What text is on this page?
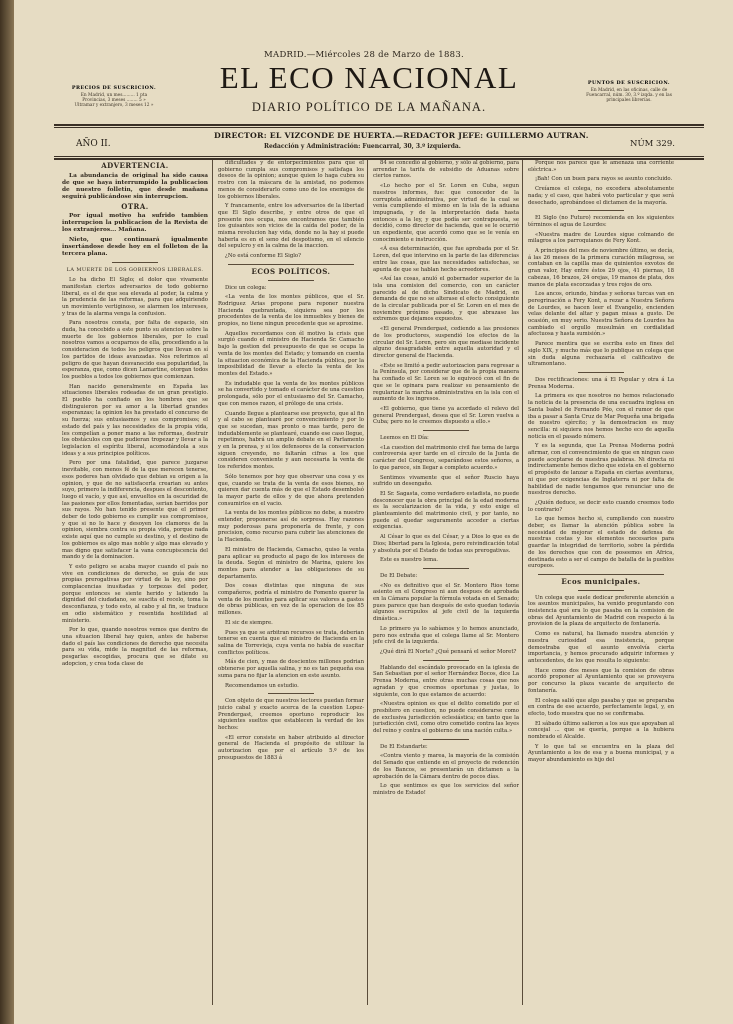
PRECIOS DE SUSCRICION.
En Madrid, un mes......... 1 pta
Provincias, 3 meses ........ 5 »
Ultramar y extranjero, 3 meses 12 »
MADRID.—Miércoles 28 de Marzo de 1883.
EL ECO NACIONAL
DIARIO POLÍTICO DE LA MAÑANA.
PUNTOS DE SUSCRICION.
En Madrid, en las oficinas, calle de
Fuencarral, núm. 30, 3.º izqda. y en las
principales librerías.
AÑO II.
DIRECTOR: EL VIZCONDE DE HUERTA.—REDACTOR JEFE: GUILLERMO AUTRAN.
Redacción y Administración: Fuencarral, 30, 3.º izquierda.	NÚM 329.

ADVERTENCIA.

La abundancia de original ha sido causa de que se haya interrumpido la publicacion de nuestro folletin, que desde mañana seguirá publicándose sin interrupcion.

OTRA.

Por igual motivo ha sufrido tambien interrupcion la publicacion de la Revista de los extranjeros... Mañana.

Nieto, que continuará igualmente insertándose desde hoy en el folleton de la tercera plana.

LA MUERTE DE LOS GOBIERNOS LIBERALES.

Lo ha dicho El Siglo; el dolor que vivamente manifestan ciertos adversarios de todo gobierno liberal, es el de que sea elevada al poder, la calma y la prudencia de las reformas, para que adquiriendo un movimiento vertiginoso, se alarmen los intereses, y tras de la alarma venga la confusion.

Para nosotros consta, por falta de espacio, sin duda, ha concebido a este punto su atencion sobre la muerte de los gobiernos liberales, por lo cual nosotros vamos a ocuparnos de ella, procediendo a la consideracion de todos los peligros que llevan en sí los partidos de ideas avanzadas. Nos referimos al peligro de que hayan desvanecido esa popularidad, la esperanza, que, como dicen Lamartine, otorgan todos los pueblos a todos los gobiernos que comienzan.

Han nacido generalmente en España las situaciones liberales rodeadas de un gran prestigio. El pueblo ha confiado en los hombres que se distinguieron por su amor a la libertad grandes esperanzas; la opinion les ha prestado el concurso de su fuerza; sus entusiasmos y sus compromisos; el estado del país y las necesidades de la propia vida, les compelían a poner mano a las reformas, destruir los obstáculos con que pudieran tropezar y llevar a la legislacion el espíritu liberal, acomodándola a sus ideas y a sus principios políticos.

Pero por una fatalidad, que parece juzgarse inevitable, con menos fé de la que merecen tenerse, esos poderes han olvidado que debian su origen a la opinion, y que de no satisfacerla crearian su antes suyo, primero la indiferencia, despues el descontento, luego el vacío, y que así, envueltos en la oscuridad de las pasiones por ellos fomentadas, serian barridos por sus rayos. No han tenido presente que el primer deber de todo gobierno es cumplir sus compromisos, y que si no lo hace y desoyen los clamores de la opinion, siembra contra su propia vida, porque nada existe aquí que no cumple su destino, y el destino de los gobiernos es algo mas noble y algo mas elevado y mas digno que satisfacer la vana concupiscencia del mando y de la dominacion.

Y esto peligro se acaba mayor cuando el país no vive en condiciones de derecho, se guía de sus propias prerogativas por virtud de la ley, sino por complacencias inusitadas y torpezas del poder, porque entonces se siente herido y latiendo la dignidad del ciudadano, se suscita el recelo, toma la desconfianza, y todo esto, al cabo y al fin, se traduce en odio sistemático y resentida hostilidad al ministerio.

Por lo que, quando nosotros vemos que dentro de una situacion liberal hay quien, antes de haberse dado el país las condiciones de derecho que necesita para su vida, mide la magnitud de las reformas, pesgarlas escogidas, procura que se dilate su adopcion, y crea toda clase de

dificultades y de entorpecimientos para que el gobierno cumpla sus compromisos y satisfaga los deseos de la opinion; aunque quien lo haga cubra su rostro con la máscara de la amistad, no podemos menos de considerarlo como uno de los enemigos de los gobiernos liberales.

Y francamente, entre los adversarios de la libertad que El Siglo describe, y entre otros de que el presente nos ocupa, nos encontramos que también los guisantes son vicios de la caída del poder, de la misma revolucion hay vida, donde no la hay si puede haberla es en el seno del despotismo, en el silencio del sepulcro y en la calma de la inaccion.

¿No está conforme El Siglo?

ECOS POLÍTICOS.

Dice un colega:

«La venta de los montes públicos, que el Sr. Rodriguez Arias propone para reponer nuestra Hacienda quebrantada, siquiera sea por los procedentes de la venta de los inmuebles y bienes de propios, no tiene ningun precedente que se aproxime.

Aquellos recordamos con él motivo la crisis que surgió cuando el ministro de Hacienda Sr. Camacho bajo la gestion del presupuesto de que se ocupa la venta de los montes del Estado; y tomando en cuenta la situacion económica de la Hacienda pública, por la imposibilidad de llevar a efecto la venta de los montes del Estado.»

Es indudable que la venta de los montes públicos se ha convertido y tomado el carácter de una cuestion prolongada, sólo por el entusiasmo del Sr. Camacho, que con menos razon, el prólogo de una crisis.

Cuando llegue a plantearse ese proyecto, que al fin y al cabo se plantearé por convencimiento y por lo que se sucedan, mas pronto o mas tarde, pero de indudablemente se plantearé, cuando ese caso llegue, repetimos, habrá un amplio debate en el Parlamento y en la prensa, y si los defensores de la conservacion siguen creyendo, no faltarán cifras a los que consideren conveniente y aun necesaria la venta de los referidos montes.

Sólo tenemos por hoy que observar una cosa y es que, cuando se trata de la venta de esos bienes, no quieren dar cuenta más de que el Estado desembolsó la mayor parte de ellos y de que ahora pretenden consumirlos en el vacio.

La venta de los montes públicos no debe, a nuestro entender, proponerse así de sorpresa. Hay razones muy poderosas para proponerla de frente, y con precision, como recurso para cubrir las atenciones de la Hacienda.

El ministro de Hacienda, Camacho, quiso la venta para aplicar su producto al pago de los intereses de la deuda. Según el ministro de Marina, quiere los montes para atender a las obligaciones de su departamento.

Dos cosas distintas que ninguna de sus compañeros, podría el ministro de Fomento querer la venta de los montes para aplicar sus valores a gastos de obras públicas, en vez de la operacion de los 85 millones.

El sic de siempre.

Pues ya que se arbitran recursos se trata, deberian tenerse en cuenta que el ministro de Hacienda en la salina de Torrevieja, cuya venta no había de suscitar conflictos políticos.

Más de cien, y mas de doscientos millones podrian obtenerse por aquella salina, y no es tan pequeña esa suma para no fijar la atencion en este asunto.

Recomendamos un estudio.

Con objeto de que nuestros lectores puedan formar juicio cabal y exacto acerca de la cuestion Lopez-Prendergast, creemos oportuno reproducir los siguientes sueltos que establecen la verdad de los hechos:

«El error consiste en haber atribuido al director general de Hacienda el propósito de utilizar la autorizacion que por el artículo 5.º de los presupuestos de 1883 á

84 se concedió al gobierno, y sólo al gobierno, para arrendar la tarifa de subsidio de Aduanas sobre ciertos ramos.

«Lo hecho por el Sr. Loren en Cuba, segun nuestros informes, fue: que conocedor de la corruptela administrativa, por virtud de la cual se venía cumpliendo el mismo en la isla de la aduana impugnada, y de la interpretación dada hasta entonces a la ley, y que podía ser contrapuesta, se decidió, como director de hacienda, que se le ocurrió un expediente, que acordó como que se le venía en conocimiento e instrucción.

«Á esa determinación, que fue aprobada por el Sr. Loren, del que intervino en la parte de las diferencias entre las cosas, que las necesidades satisfechas, se apunta de que se hablan hecho acreedores.

«Así las cosas, anuló el gobernador superior de la isla una comision del comercio, con un carácter parecido al de dicho Sindicato de Madrid, en demanda de que no se alterase el efecto consiguiente de la circular publicada por el Sr. Loren en el mes de noviembre próximo pasado, y que abrazase las extremos que dejamos expuestos.

«El general Prendergast, cediendo a las presiones de los productores, suspendió los efectos de la circular del Sr. Loren, pero sin que mediase incidente alguno desagradable entre aquella autoridad y el director general de Hacienda.

«Este se limitó a pedir autorizacion para regresar a la Península, por considerar que de la propia manera ha confiado el Sr. Loren se lo equivocó con el fin de que se le opinara para realizar su pensamiento de regularizar la marcha administrativa en la isla con el aumento de los ingresos.

«El gobierno, que tiene ya acordado el relevo del general Prendergast, desea que el Sr. Loren vuelva a Cuba; pero no le creemos dispuesto a ello.»

Leemos en El Día:

«La cuestion del matrimonio civil fue tema de larga controversia ayer tarde en el círculo de la Junta de carácter del Congreso, separándose estos señores, a lo que parece, sin llegar a completo acuerdo.»

Sentimos vivamente que el señor Ruscio haya sufrido un desengaño.

El Sr. Sagasta, como verdadero estadista, no puede desconocer que la obra principal de la edad moderna es la secularizacion de la vida, y esto exige el planteamiento del matrimonio civil, y por tanto, no puede el quedar seguramente acceder a ciertas exigencias.

Al César lo que es del César, y a Dios lo que es de Dios; libertad para la Iglesia, pero reivindicación total y absoluta por el Estado de todas sus prerogativas.

Este es nuestro lema.

De El Debate:

«No es definitivo que el Sr. Montero Rios tome asiento en el Congreso ni aun despues de aprobada en la Cámara popular la fórmula votada en el Senado; pues parece que han después de esto quedan todavía algunos escrúpulos al jefe civil de la izquierda dinástica.»

Lo primero ya lo sabíamos y lo hemos anunciado, pero nos extraña que el colega llame al Sr. Montero jefe civil de la izquierda.

¿Qué dirá El Norte? ¿Qué pensará el señor Moret?

Hablando del escándalo provocado en la iglesia de San Sebastian por el señor Hernández Bocos, dice La Prensa Moderna, entre otras muchas cosas que nos agradan y que creemos oportunas y justas, lo siguiente, con lo que estamos de acuerdo:

«Nuestra opinion es que el delito cometido por el presbítero en cuestion, no puede considerarse como de exclusiva jurisdicción eclesiástica; en tanto que la jurisdicción civil, como otro cometido contra las leyes del reino y contra el gobierno de una nación culta.»

De El Estandarte:

«Contra viento y marea, la mayoría de la comisión del Senado que entiende en el proyecto de redención de los Bancos, se presentarán un dictamen a la aprobación de la Cámara dentro de pocos días.

Lo que sentimos es que los servicios del señor ministro de Estado!

Porque nos parece que le amenaza una corriente eléctrica.»

¡Bah! Con un buen para rayos se asunto concluido.

Creíamos el colega, no excedera absolutamente nada; y el caso, que habrá voto particular y que será desechado, aprobándose el dictamen de la mayoría.

El Siglo (no Futuro) recomienda en los siguientes términos el agua de Lourdes:

«Nuestra madre de Lourdes sigue colmando de milagros a los parroquianos de Fery Kont.

A principios del mes de noviembre último, se decía, á las 26 meses de la primera curación milagrosa, se contaban en la capilla mas de quinientos exvotos de gran valor, Hay entre éstos 29 ojos, 41 piernas, 18 cabezas, 16 brazos, 24 orejas, 19 manos de plata, dos manos de plata escorzadas y tres rojos de oro.

Los ancos, oriundo, hindas y señoras turcas van en peregrinación a Fery Kont, a rezar a Nuestra Señora de Lourdes, se hacen leer el Evangelio, encienden velas delante del altar y pagan misas a gusto. De ocasión, en muy serio. Nuestra Señora de Lourdes ha cambiado el orgullo musulmán en cordialidad afectuosa y hasta sumisión.»

Parece mentira que se escriba esto en fines del siglo XIX, y mucho más que lo publique un colega que sin duda alguna rechazaría el calificativo de ultramontano.

Dos rectificaciones: una á El Popular y otra á La Prensa Moderna.

La primera es que nosotros no hemos relacionado la noticia de la presencia de una escuadra inglesa en Santa Isabel de Fernando Póo, con el rumor de que iba a pasar a Santa Cruz de Mar Pequeña una brigada de nuestro ejército; y la demostracion es muy sencilla: ni siquiera nos hemos hecho eco de aquella noticia en el pasado número.

Y es la segunda, que La Prensa Moderna podrá afirmar, con el convencimiento de que en ningun caso puede aceptarse de nuestras palabras. Ni directa ni indirectamente hemos dicho que exista en el gobierno el propósito de lanzar a España en ciertas aventuras, ni que por exigencias de Inglaterra ni por falta de habilidad de nadie tengamos que renunciar uno de nuestros derecho.

¿Quién deduce, se decir esto cuando creemos todo lo contrario?

Lo que hemos hecho si, cumpliendo con nuestro deber, es llamar la atención pública sobre la necesidad de mejorar el estado de defensa de nuestras costas y los elementos necesarios para guardar la integridad de territorio, sobre la pérdida de los derechos que con de poseemos en Africa, destinada esto a ser el campo de batalla de la pueblos europeos.

Ecos municipales.

Un colega que suele dedicar preferente atención a los asuntos municipales, ha venido preguntando con insistencia qué era lo que pasaba en la comision de obras del Ayuntamiento de Madrid con respecto á la provision de la plaza de arquitecto de fontanería.

Como es natural, ha llamado nuestra atención y nuestra curiosidad esa insistencia, porque demostraba que el asunto envolvía cierta importancia, y hemos procurado adquirir informes y antecedentes, de los que resulta lo siguiente:

Hace como dos meses que la comision de obras acordó proponer al Ayuntamiento que se proveyera por concurso la plaza vacante de arquitecto de fontanería.

El colega salió que algo pasaba y que se preparaba en contra de ese acuerdo, perfectamente legal, y, en efecto, todo muestra que no se confirmaba.

El sábado último salieron a los sus que apoyaban al concejal ... que se quería, porque a la hubiera nombrado el Alcalde.

Y lo que tal se encuentra en la plaza del Ayuntamiento a los de esa y a buena municipal, y a mayor abundamiento es hijo del
